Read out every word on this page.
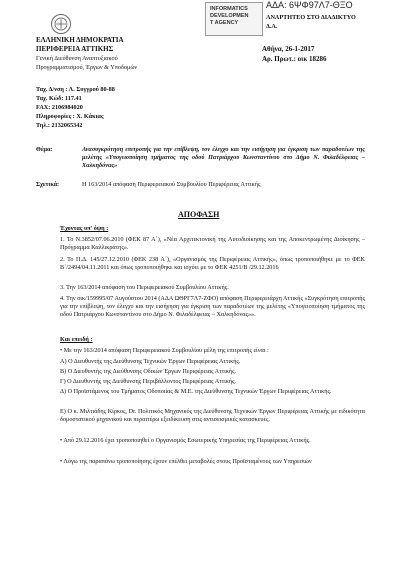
INFORMATICS
DEVELOPMEN
T AGENCY
ΑΔΑ: 6ΨΦ97Λ7-ΘΞΟ
ΑΝΑΡΤΗΤΕΟ ΣΤΟ ΔΙΑΔΙΚΤΥΟ
Δ.Α.
ΕΛΛΗΝΙΚΗ ΔΗΜΟΚΡΑΤΙΑ
ΠΕΡΙΦΕΡΕΙΑ ΑΤΤΙΚΗΣ
Γενική Διεύθυνση Αναπτυξιακού
Προγραμματισμού, Έργων & Υποδομών
Αθήνα, 26-1-2017
Αρ. Πρωτ.: οικ 18286
Ταχ. Δ/νση : Λ. Συγγρού 80-88
Ταχ. Κώδ: 117.41
FAX: 2106984020
Πληροφορίες : Χ. Κάκιας
Τηλ.: 2132065342
Θέμα:	Ανασυγκρότηση επιτροπής για την επίβλεψη, τον έλεγχο και την εισήγηση για έγκριση των παραδοτέων της μελέτης «Υπογειοποίηση τμήματος της οδού Πατριάρχου Κωνσταντίνου στο Δήμο Ν. Φιλαδέλφειας – Χαλκηδόνας»
Σχετικά:	Η 163/2014 απόφαση Περιφερειακού Συμβουλίου Περιφέρειας Αττικής
ΑΠΟΦΑΣΗ
Έχοντας υπ' όψη :
1. Το Ν.3852/07.06.2010 (ΦΕΚ 87 Α΄), «Νέα Αρχιτεκτονική της Αυτοδιοίκησης και της Αποκεντρωμένης Διοίκησης – Πρόγραμμα Καλλικράτης».
2. Το Π.Δ. 145/27.12.2010 (ΦΕΚ 238 Α΄), «Οργανισμός της Περιφέρειας Αττικής», όπως τροποποιήθηκε με το ΦΕΚ Β΄/2494/04.11.2011 και όπως τροποποιήθηκε και ισχύει με το ΦΕΚ 4251/Β /29.12.2016
3. Την 163/2014 απόφαση του Περιφερειακού Συμβουλίου Αττικής.
4. Την οικ/159995/07 Αυγούστου 2014 (ΑΔΑ ΩΘΡΓ7Λ7-ΖΦΟ) απόφαση Περιφερειάρχη Αττικής «Συγκρότηση επιτροπής για την επίβλεψη, τον έλεγχο και την εισήγηση για έγκριση των παραδοτέων της μελέτης «Υπογειοποίηση τμήματος της οδού Πατριάρχου Κωνσταντίνου στο Δήμο Ν. Φιλαδέλφειας – Χαλκηδόνας»».
Και επειδή :
• Με την 163/2014 απόφαση Περιφερειακού Συμβουλίου μέλη της επιτροπής είναι :
Α) Ο Διευθυντής της Διεύθυνσης Τεχνικών Έργων Περιφέρειας Αττικής.
Β) Ο Διευθυντής της Διεύθυνσης Οδικών Έργων Περιφέρειας Αττικής.
Γ) Ο Διευθυντής της Διεύθυνσης Περιβάλλοντος Περιφέρειας Αττικής.
Δ) Ο Προϊστάμενος του Τμήματος Οδοποιίας & Μ.Ε. της Διεύθυνσης Τεχνικών Έργων Περιφέρειας Αττικής.
Ε) Ο κ. Μιλτιάδης Κίρκος, Dr. Πολιτικός Μηχανικός της Διεύθυνσης Τεχνικών Έργων Περιφέρειας Αττικής με ειδικότητα δομοστατικού μηχανικού και περαιτέρω εξειδίκευση στις αντισεισμικές κατασκευές.
• Από 29.12.2016 έχει τροποποιηθεί ο Οργανισμός Εσωτερικής Υπηρεσίας της Περιφέρειας Αττικής.
• Λόγω της παραπάνω τροποποίησης έχουν επέλθει μεταβολές στους Προϊσταμένους των Υπηρεσιών
